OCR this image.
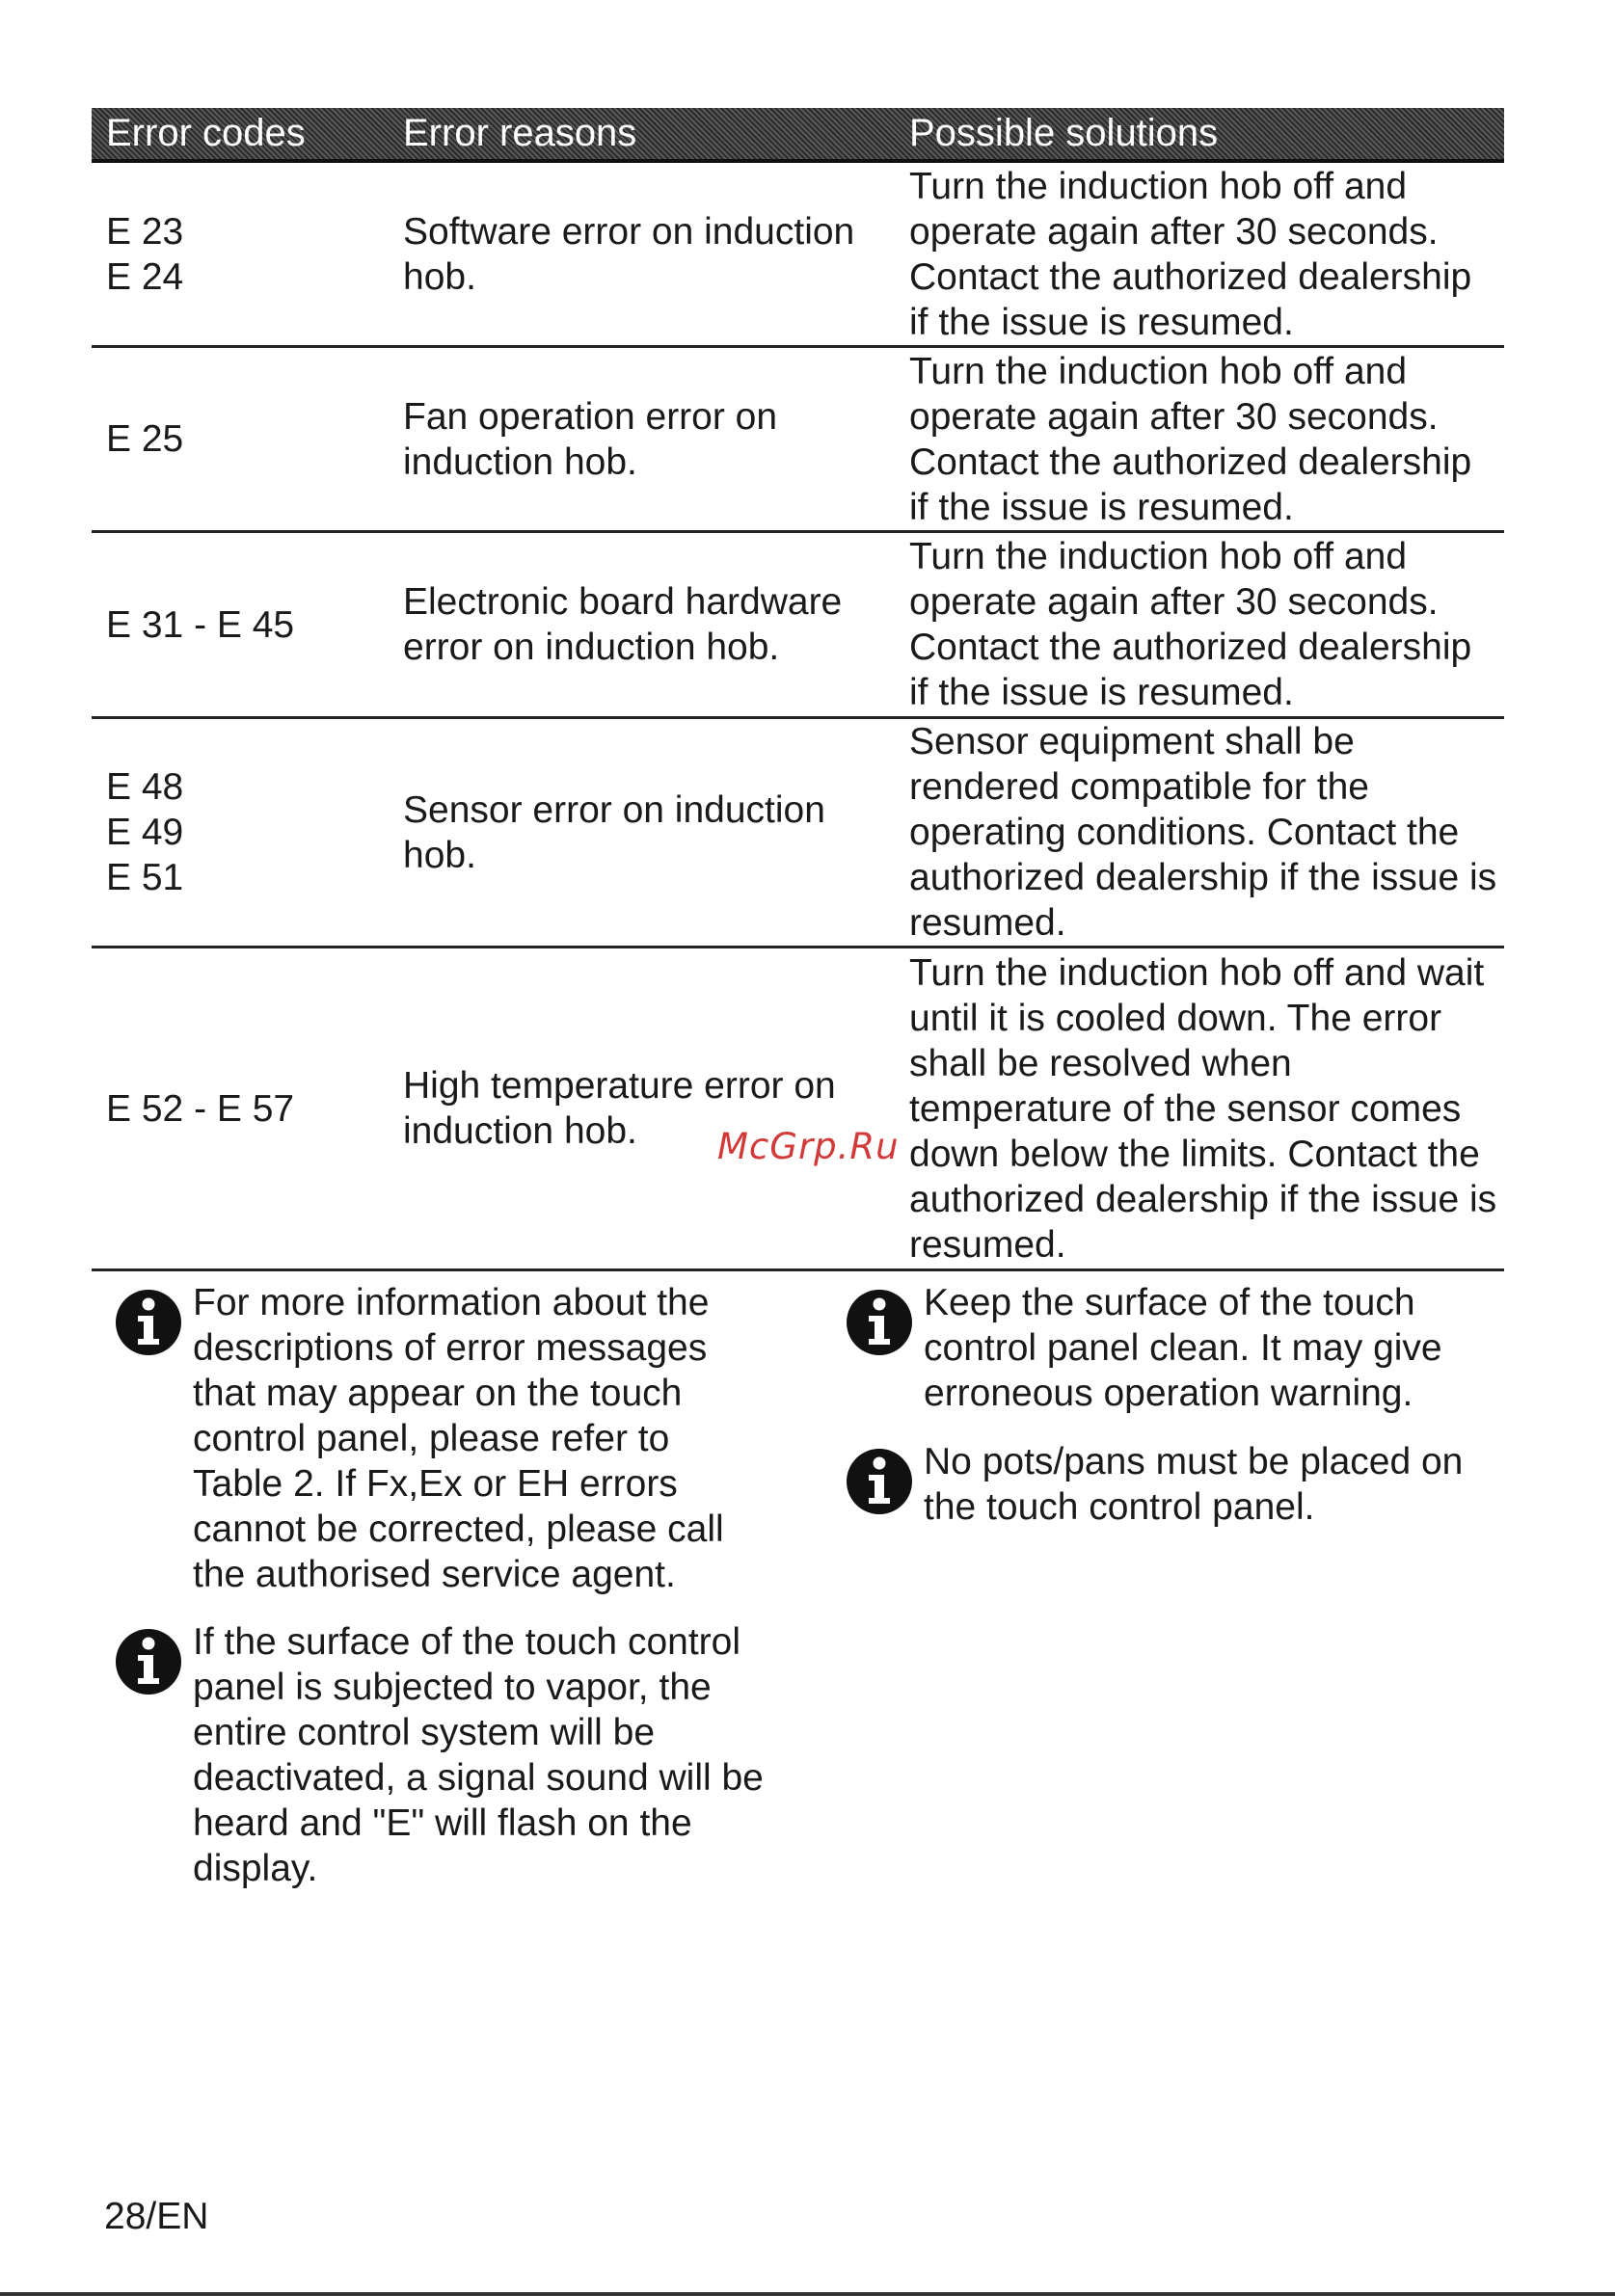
Error codes	Error reasons	Possible solutions
E 23
E 24
Software error on induction
hob.
Turn the induction hob off and
operate again after 30 seconds.
Contact the authorized dealership
if the issue is resumed.
E 25
Fan operation error on
induction hob.
Turn the induction hob off and
operate again after 30 seconds.
Contact the authorized dealership
if the issue is resumed.
E 31 - E 45
Electronic board hardware
error on induction hob.
Turn the induction hob off and
operate again after 30 seconds.
Contact the authorized dealership
if the issue is resumed.
E 48
E 49
E 51
Sensor error on induction
hob.
Sensor equipment shall be
rendered compatible for the
operating conditions. Contact the
authorized dealership if the issue is
resumed.
E 52 - E 57
High temperature error on
induction hob.
Turn the induction hob off and wait
until it is cooled down. The error
shall be resolved when
temperature of the sensor comes
down below the limits. Contact the
authorized dealership if the issue is
resumed.
McGrp.Ru
For more information about the
descriptions of error messages
that may appear on the touch
control panel, please refer to
Table 2. If Fx,Ex or EH errors
cannot be corrected, please call
the authorised service agent.
If the surface of the touch control
panel is subjected to vapor, the
entire control system will be
deactivated, a signal sound will be
heard and "E" will flash on the
display.
Keep the surface of the touch
control panel clean. It may give
erroneous operation warning.
No pots/pans must be placed on
the touch control panel.
28/EN
